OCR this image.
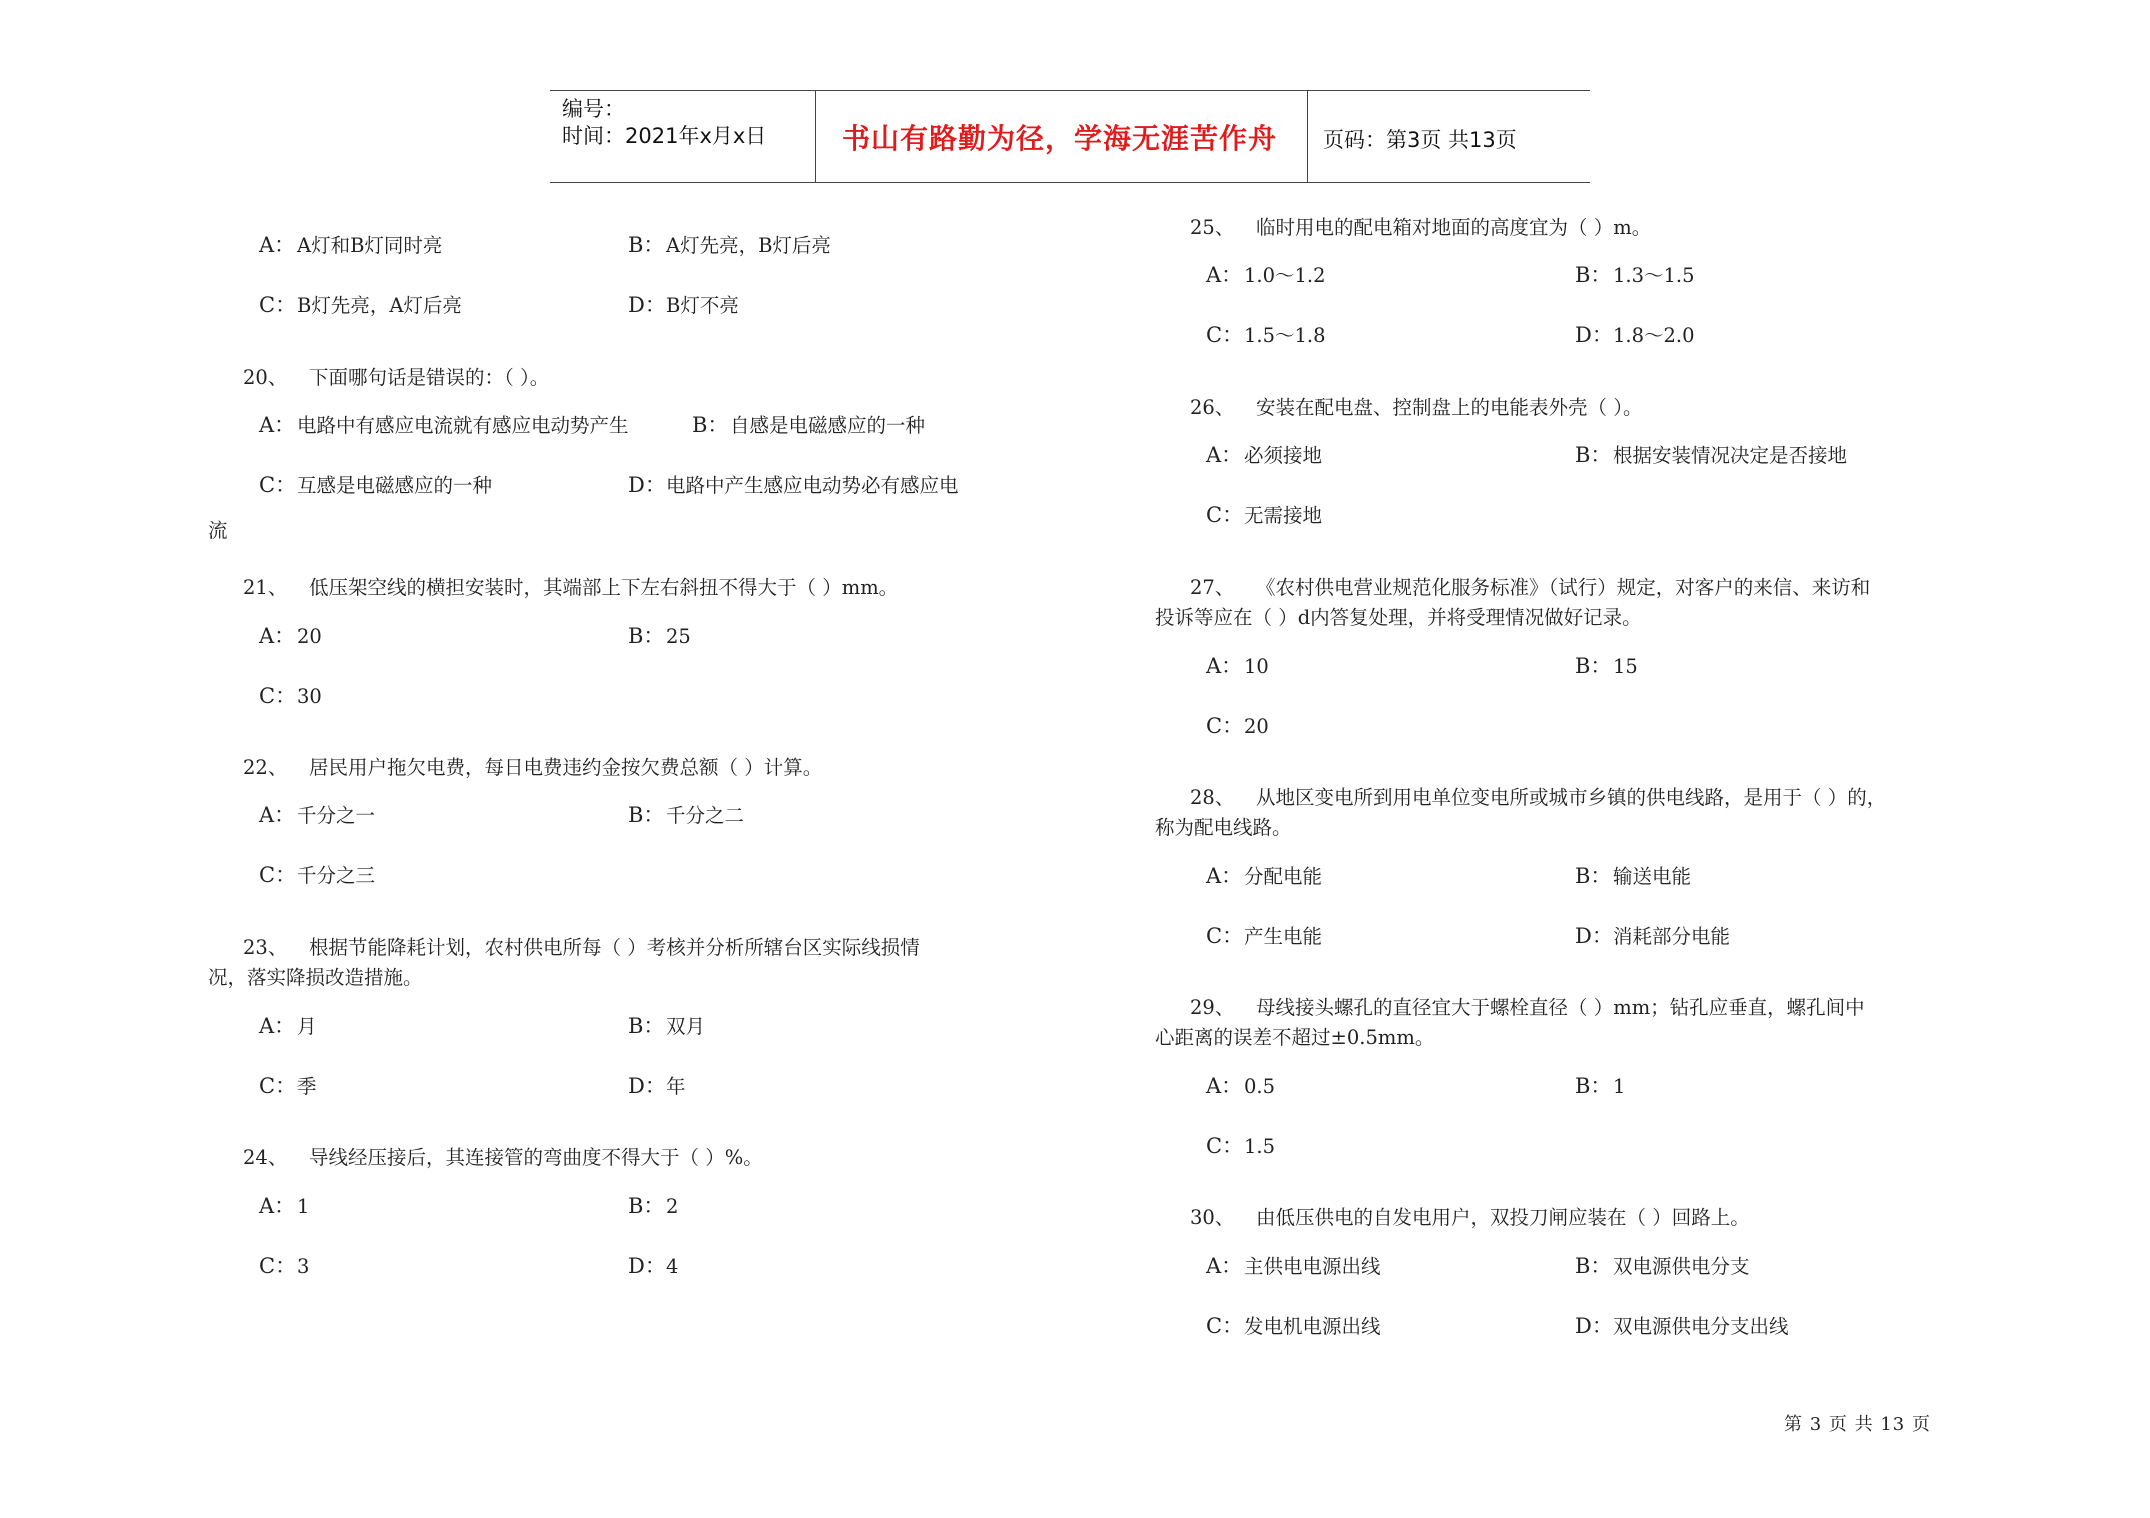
编号：
时间：2021年x月x日	书山有路勤为径，学海无涯苦作舟 页码：第3页 共13页
A：A灯和B灯同时亮	B：A灯先亮，B灯后亮
C：B灯先亮，A灯后亮	D：B灯不亮
20、 下面哪句话是错误的：（ ）。
A：电路中有感应电流就有感应电动势产生	B：自感是电磁感应的一种
C：互感是电磁感应的一种	D：电路中产生感应电动势必有感应电
流
21、 低压架空线的横担安装时，其端部上下左右斜扭不得大于（ ）mm。
A：20	B：25
C：30
22、 居民用户拖欠电费，每日电费违约金按欠费总额（ ）计算。
A：千分之一	B：千分之二
C：千分之三
23、 根据节能降耗计划，农村供电所每（ ）考核并分析所辖台区实际线损情
况，落实降损改造措施。
A：月	B：双月
C：季	D：年
24、 导线经压接后，其连接管的弯曲度不得大于（ ）%。
A：1	B：2
C：3	D：4
25、 临时用电的配电箱对地面的高度宜为（ ）m。
A：1.0～1.2	B：1.3～1.5
C：1.5～1.8	D：1.8～2.0
26、 安装在配电盘、控制盘上的电能表外壳（ ）。
A：必须接地	B：根据安装情况决定是否接地
C：无需接地
27、 《农村供电营业规范化服务标准》（试行）规定，对客户的来信、来访和
投诉等应在（ ）d内答复处理，并将受理情况做好记录。
A：10	B：15
C：20
28、 从地区变电所到用电单位变电所或城市乡镇的供电线路，是用于（ ）的，
称为配电线路。
A：分配电能	B：输送电能
C：产生电能	D：消耗部分电能
29、 母线接头螺孔的直径宜大于螺栓直径（ ）mm；钻孔应垂直，螺孔间中
心距离的误差不超过±0.5mm。
A：0.5	B：1
C：1.5
30、 由低压供电的自发电用户，双投刀闸应装在（ ）回路上。
A：主供电电源出线	B：双电源供电分支
C：发电机电源出线	D：双电源供电分支出线
第 3 页 共 13 页
